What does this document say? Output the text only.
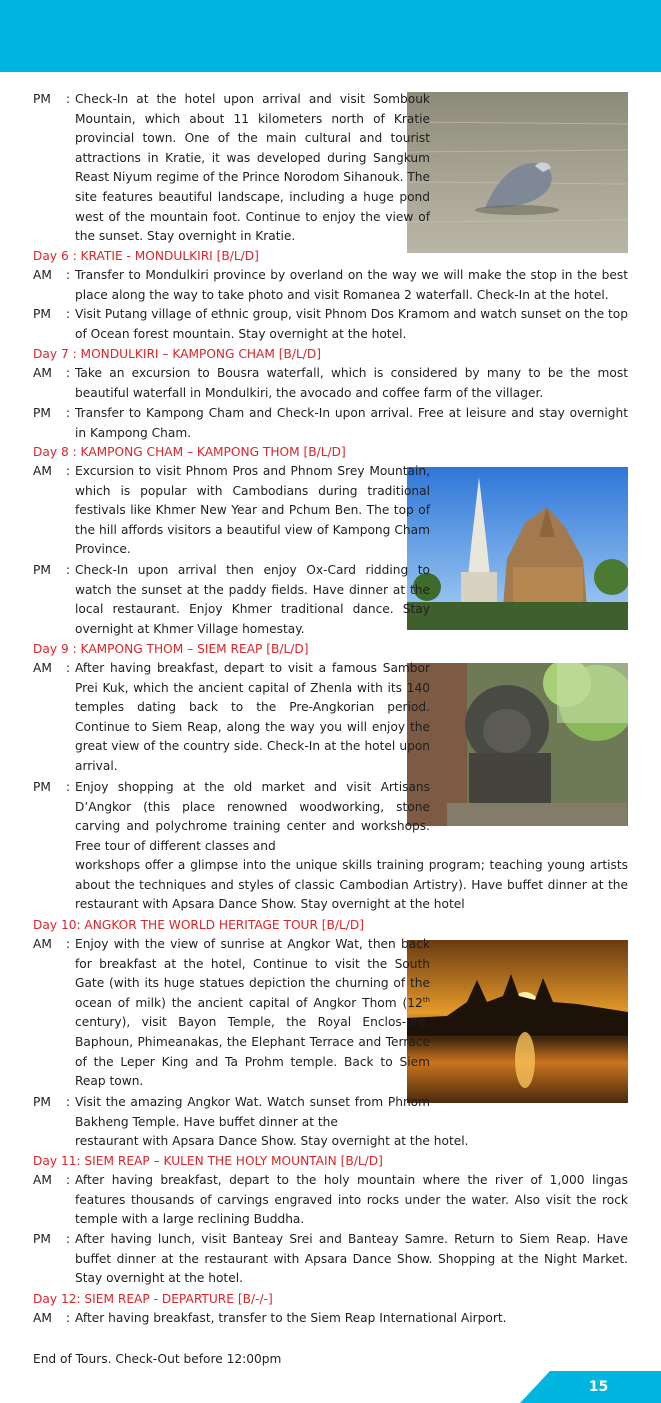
PM	: Check-In at the hotel upon arrival and visit Sombouk Mountain, which about 11 kilometers north of Kratie provincial town. One of the main cultural and tourist attractions in Kratie, it was developed during Sangkum Reast Niyum regime of the Prince Norodom Sihanouk. The site features beautiful landscape, including a huge pond west of the mountain foot. Continue to enjoy the view of the sunset. Stay overnight in Kratie.
Day 6 : KRATIE - MONDULKIRI [B/L/D]
AM	: Transfer to Mondulkiri province by overland on the way we will make the stop in the best place along the way to take photo and visit Romanea 2 waterfall. Check-In at the hotel.
PM	: Visit Putang village of ethnic group, visit Phnom Dos Kramom and watch sunset on the top of Ocean forest mountain. Stay overnight at the hotel.
Day 7 : MONDULKIRI – KAMPONG CHAM [B/L/D]
AM	: Take an excursion to Bousra waterfall, which is considered by many to be the most beautiful waterfall in Mondulkiri, the avocado and coffee farm of the villager.
PM	: Transfer to Kampong Cham and Check-In upon arrival. Free at leisure and stay overnight in Kampong Cham.
Day 8 : KAMPONG CHAM – KAMPONG THOM [B/L/D]
AM	: Excursion to visit Phnom Pros and Phnom Srey Mountain, which is popular with Cambodians during traditional festivals like Khmer New Year and Pchum Ben. The top of the hill affords visitors a beautiful view of Kampong Cham Province.
PM	: Check-In upon arrival then enjoy Ox-Card ridding to watch the sunset at the paddy fields. Have dinner at the local restaurant. Enjoy Khmer traditional dance. Stay overnight at Khmer Village homestay.
Day 9 : KAMPONG THOM – SIEM REAP [B/L/D]
AM	: After having breakfast, depart to visit a famous Sambor Prei Kuk, which the ancient capital of Zhenla with its 140 temples dating back to the Pre-Angkorian period. Continue to Siem Reap, along the way you will enjoy the great view of the country side. Check-In at the hotel upon arrival.
PM	: Enjoy shopping at the old market and visit Artisans D’Angkor (this place renowned woodworking, stone carving and polychrome training center and workshops. Free tour of different classes and
workshops offer a glimpse into the unique skills training program; teaching young artists about the techniques and styles of classic Cambodian Artistry). Have buffet dinner at the restaurant with Apsara Dance Show. Stay overnight at the hotel
Day 10: ANGKOR THE WORLD HERITAGE TOUR [B/L/D]
AM	: Enjoy with the view of sunrise at Angkor Wat, then back for breakfast at the hotel, Continue to visit the South Gate (with its huge statues depiction the churning of the ocean of milk) the ancient capital of Angkor Thom (12th century), visit Bayon Temple, the Royal Enclos-ure, Baphoun, Phimeanakas, the Elephant Terrace and Terrace of the Leper King and Ta Prohm temple. Back to Siem Reap town.
PM	: Visit the amazing Angkor Wat. Watch sunset from Phnom Bakheng Temple. Have buffet dinner at the
restaurant with Apsara Dance Show. Stay overnight at the hotel.
Day 11: SIEM REAP – KULEN THE HOLY MOUNTAIN [B/L/D]
AM	: After having breakfast, depart to the holy mountain where the river of 1,000 lingas features thousands of carvings engraved into rocks under the water. Also visit the rock temple with a large reclining Buddha.
PM	: After having lunch, visit Banteay Srei and Banteay Samre. Return to Siem Reap. Have buffet dinner at the restaurant with Apsara Dance Show. Shopping at the Night Market. Stay overnight at the hotel.
Day 12: SIEM REAP - DEPARTURE [B/-/-]
AM	: After having breakfast, transfer to the Siem Reap International Airport.
End of Tours. Check-Out before 12:00pm
15
